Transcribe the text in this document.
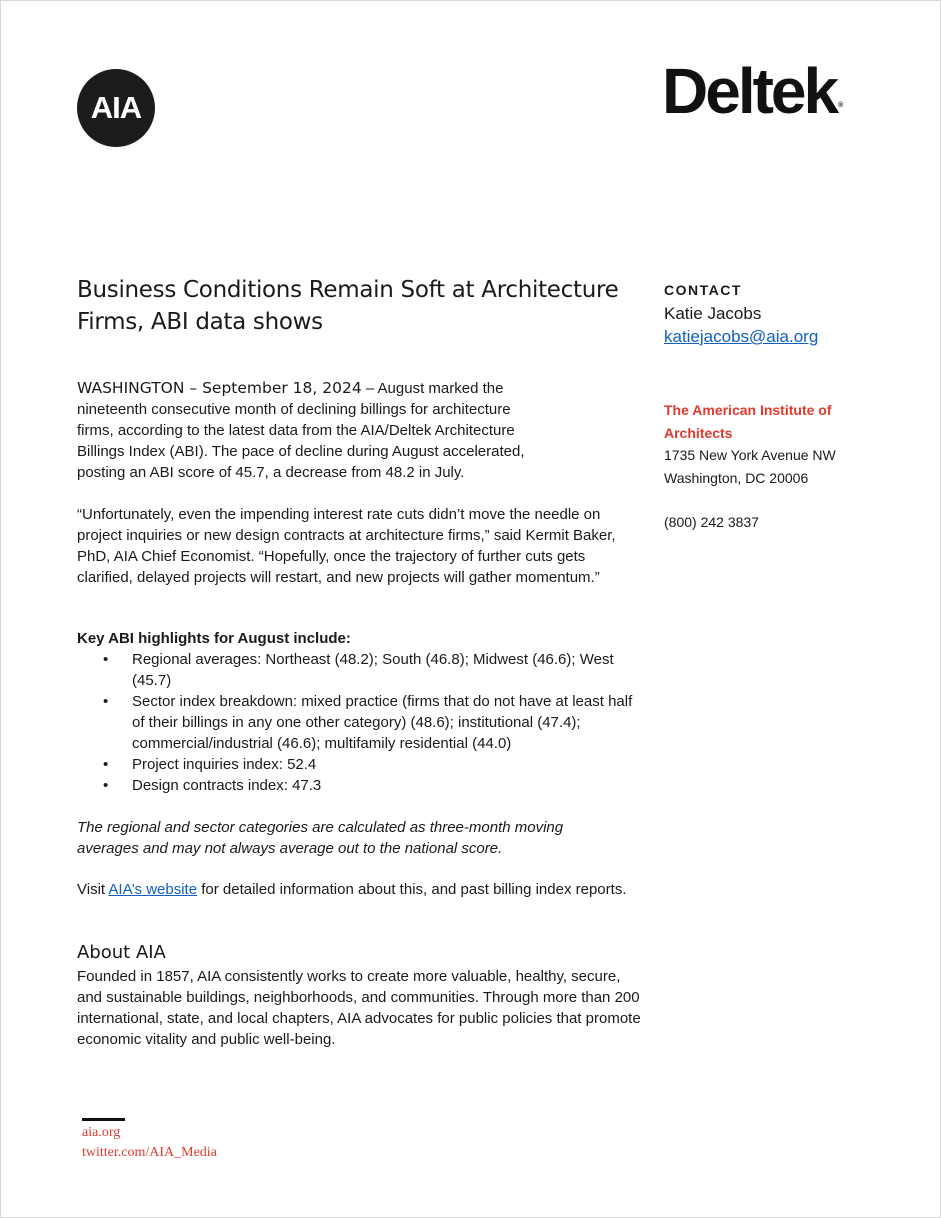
AIA	Deltek ®
Business Conditions Remain Soft at Architecture Firms, ABI data shows
WASHINGTON – September 18, 2024 – August marked the nineteenth consecutive month of declining billings for architecture firms, according to the latest data from the AIA/Deltek Architecture Billings Index (ABI). The pace of decline during August accelerated, posting an ABI score of 45.7, a decrease from 48.2 in July.
“Unfortunately, even the impending interest rate cuts didn’t move the needle on project inquiries or new design contracts at architecture firms,” said Kermit Baker, PhD, AIA Chief Economist. “Hopefully, once the trajectory of further cuts gets clarified, delayed projects will restart, and new projects will gather momentum.”
Key ABI highlights for August include:
• Regional averages: Northeast (48.2); South (46.8); Midwest (46.6); West (45.7)
• Sector index breakdown: mixed practice (firms that do not have at least half of their billings in any one other category) (48.6); institutional (47.4); commercial/industrial (46.6); multifamily residential (44.0)
• Project inquiries index: 52.4
• Design contracts index: 47.3
The regional and sector categories are calculated as three-month moving averages and may not always average out to the national score.
Visit AIA’s website for detailed information about this, and past billing index reports.
About AIA
Founded in 1857, AIA consistently works to create more valuable, healthy, secure, and sustainable buildings, neighborhoods, and communities. Through more than 200 international, state, and local chapters, AIA advocates for public policies that promote economic vitality and public well-being.
CONTACT
Katie Jacobs
katiejacobs@aia.org
The American Institute of
Architects
1735 New York Avenue NW
Washington, DC 20006
(800) 242 3837
aia.org
twitter.com/AIA_Media
